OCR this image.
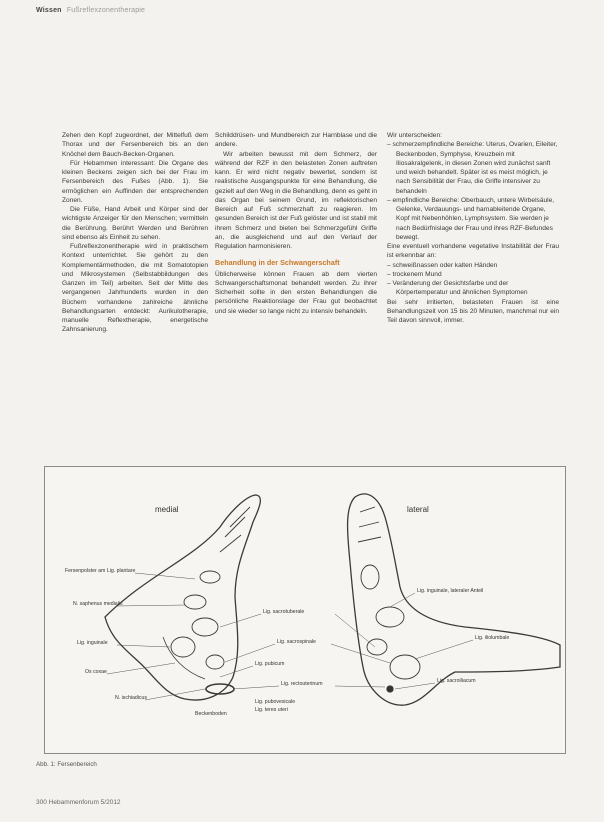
Wissen Fußreflexzonentherapie

Zehen den Kopf zugeordnet, der Mittelfuß dem Thorax und der Fersenbereich bis an den Knöchel dem Bauch-Becken-Organen.

Für Hebammen interessant: Die Organe des kleinen Beckens zeigen sich bei der Frau im Fersenbereich des Fußes (Abb. 1). Sie ermöglichen ein Auffinden der entsprechenden Zonen.

Die Füße, Hand Arbeit und Körper sind der wichtigste Anzeiger für den Menschen; vermitteln die Berührung. Berührt Werden und Berühren sind ebenso als Einheit zu sehen.

Fußreflexzonentherapie wird in praktischem Kontext unterrichtet. Sie gehört zu den Komplementärmethoden, die mit Somatotopien und Mikrosystemen (Selbstabbildungen des Ganzen im Teil) arbeiten. Seit der Mitte des vergangenen Jahrhunderts wurden in den Büchern vorhandene zahlreiche ähnliche Behandlungsarten entdeckt: Aurikulotherapie, manuelle Reflextherapie, energetische Zahnsanierung.

Schilddrüsen- und Mundbereich zur Harnblase und die andere.

Wir arbeiten bewusst mit dem Schmerz, der während der RZF in den belasteten Zonen auftreten kann. Er wird nicht negativ bewertet, sondern ist realistische Ausgangspunkte für eine Behandlung, die gezielt auf den Weg in die Behandlung, denn es geht in das Organ bei seinem Grund, im reflektorischen Bereich auf Fuß schmerzhaft zu reagieren. Im gesunden Bereich ist der Fuß gelöster und ist stabil mit ihrem Schmerz und bieten bei Schmerzgefühl Griffe an, die ausgleichend und auf den Verlauf der Regulation harmonisieren.

Behandlung in der Schwangerschaft

Üblicherweise können Frauen ab dem vierten Schwangerschaftsmonat behandelt werden. Zu ihrer Sicherheit sollte in den ersten Behandlungen die persönliche Reaktionslage der Frau gut beobachtet und sie wieder so lange nicht zu intensiv behandeln.

Wir unterscheiden:

– schmerzempfindliche Bereiche: Uterus, Ovarien, Eileiter, Beckenboden, Symphyse, Kreuzbein mit Iliosakralgelenk, in diesen Zonen wird zunächst sanft und weich behandelt. Später ist es meist möglich, je nach Sensibilität der Frau, die Griffe intensiver zu behandeln
– empfindliche Bereiche: Oberbauch, untere Wirbelsäule, Gelenke, Verdauungs- und harnableitende Organe, Kopf mit Nebenhöhlen, Lymphsystem. Sie werden je nach Bedürfnislage der Frau und ihres RZF-Befundes bewegt.

Eine eventuell vorhandene vegetative Instabilität der Frau ist erkennbar an:

– schweißnassen oder kalten Händen
– trockenem Mund
– Veränderung der Gesichtsfarbe und der Körpertemperatur und ähnlichen Symptomen

Bei sehr irritierten, belasteten Frauen ist eine Behandlungszeit von 15 bis 20 Minuten, manchmal nur ein Teil davon sinnvoll, immer.

medial
Fersenpolster am Lig. plantare
N. saphenus medialis
Lig. inguinale
Os coxae
N. ischiadicus
Beckenboden
lateral
Lig. inguinale, lateraler Anteil
Lig. iliolumbale
Lig. sacroiliacum
Lig. sacrotuberale
Lig. sacrospinale
Lig. pubicum
Lig. rectouterinum
Lig. pubovesicale
Lig. teres uteri
Abb. 1: Fersenbereich
300 Hebammenforum 5/2012
